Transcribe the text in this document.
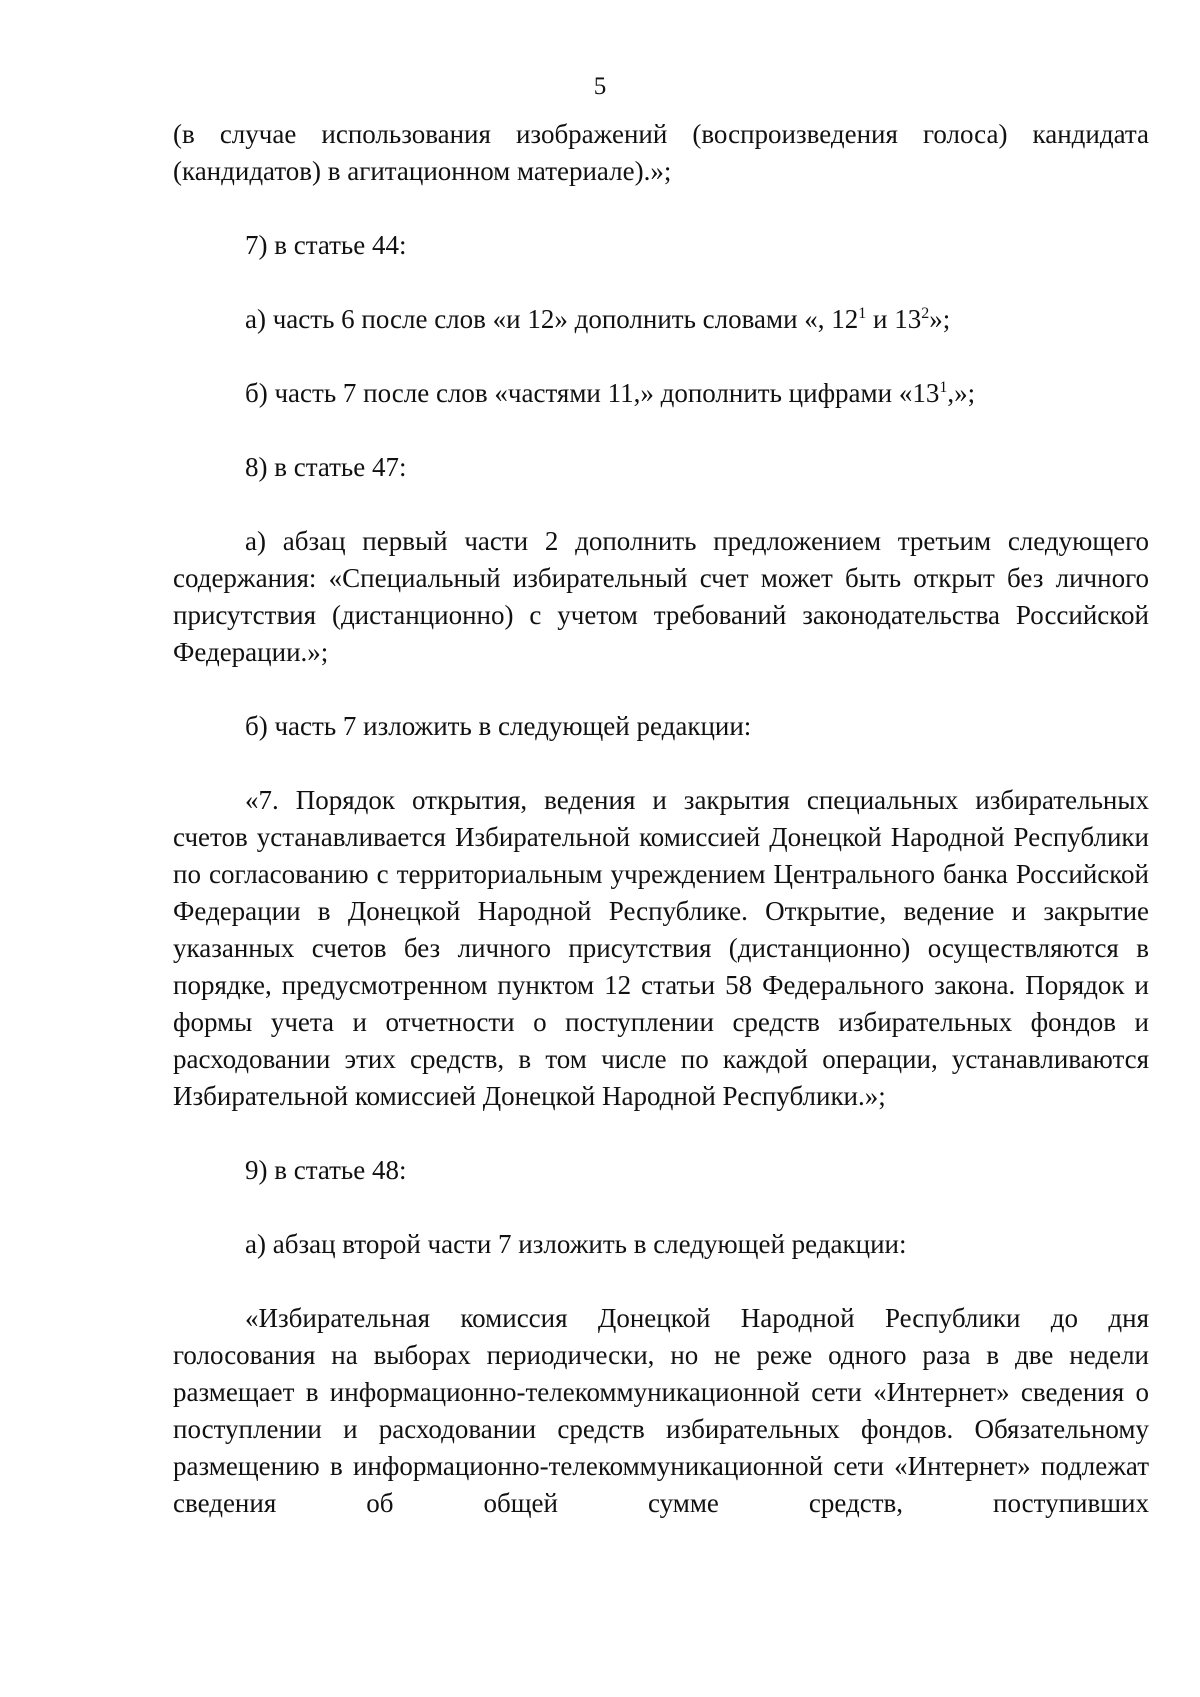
5

(в случае использования изображений (воспроизведения голоса) кандидата (кандидатов) в агитационном материале).»;

7) в статье 44:

а) часть 6 после слов «и 12» дополнить словами «, $12^1$ и $13^2$»;

б) часть 7 после слов «частями 11,» дополнить цифрами «$13^1$,»;

8) в статье 47:

а) абзац первый части 2 дополнить предложением третьим следующего содержания: «Специальный избирательный счет может быть открыт без личного присутствия (дистанционно) с учетом требований законодательства Российской Федерации.»;

б) часть 7 изложить в следующей редакции:

«7. Порядок открытия, ведения и закрытия специальных избирательных счетов устанавливается Избирательной комиссией Донецкой Народной Республики по согласованию с территориальным учреждением Центрального банка Российской Федерации в Донецкой Народной Республике. Открытие, ведение и закрытие указанных счетов без личного присутствия (дистанционно) осуществляются в порядке, предусмотренном пунктом 12 статьи 58 Федерального закона. Порядок и формы учета и отчетности о поступлении средств избирательных фондов и расходовании этих средств, в том числе по каждой операции, устанавливаются Избирательной комиссией Донецкой Народной Республики.»;

9) в статье 48:

а) абзац второй части 7 изложить в следующей редакции:

«Избирательная комиссия Донецкой Народной Республики до дня голосования на выборах периодически, но не реже одного раза в две недели размещает в информационно-телекоммуникационной сети «Интернет» сведения о поступлении и расходовании средств избирательных фондов. Обязательному размещению в информационно-телекоммуникационной сети «Интернет» подлежат сведения об общей сумме средств, поступивших
